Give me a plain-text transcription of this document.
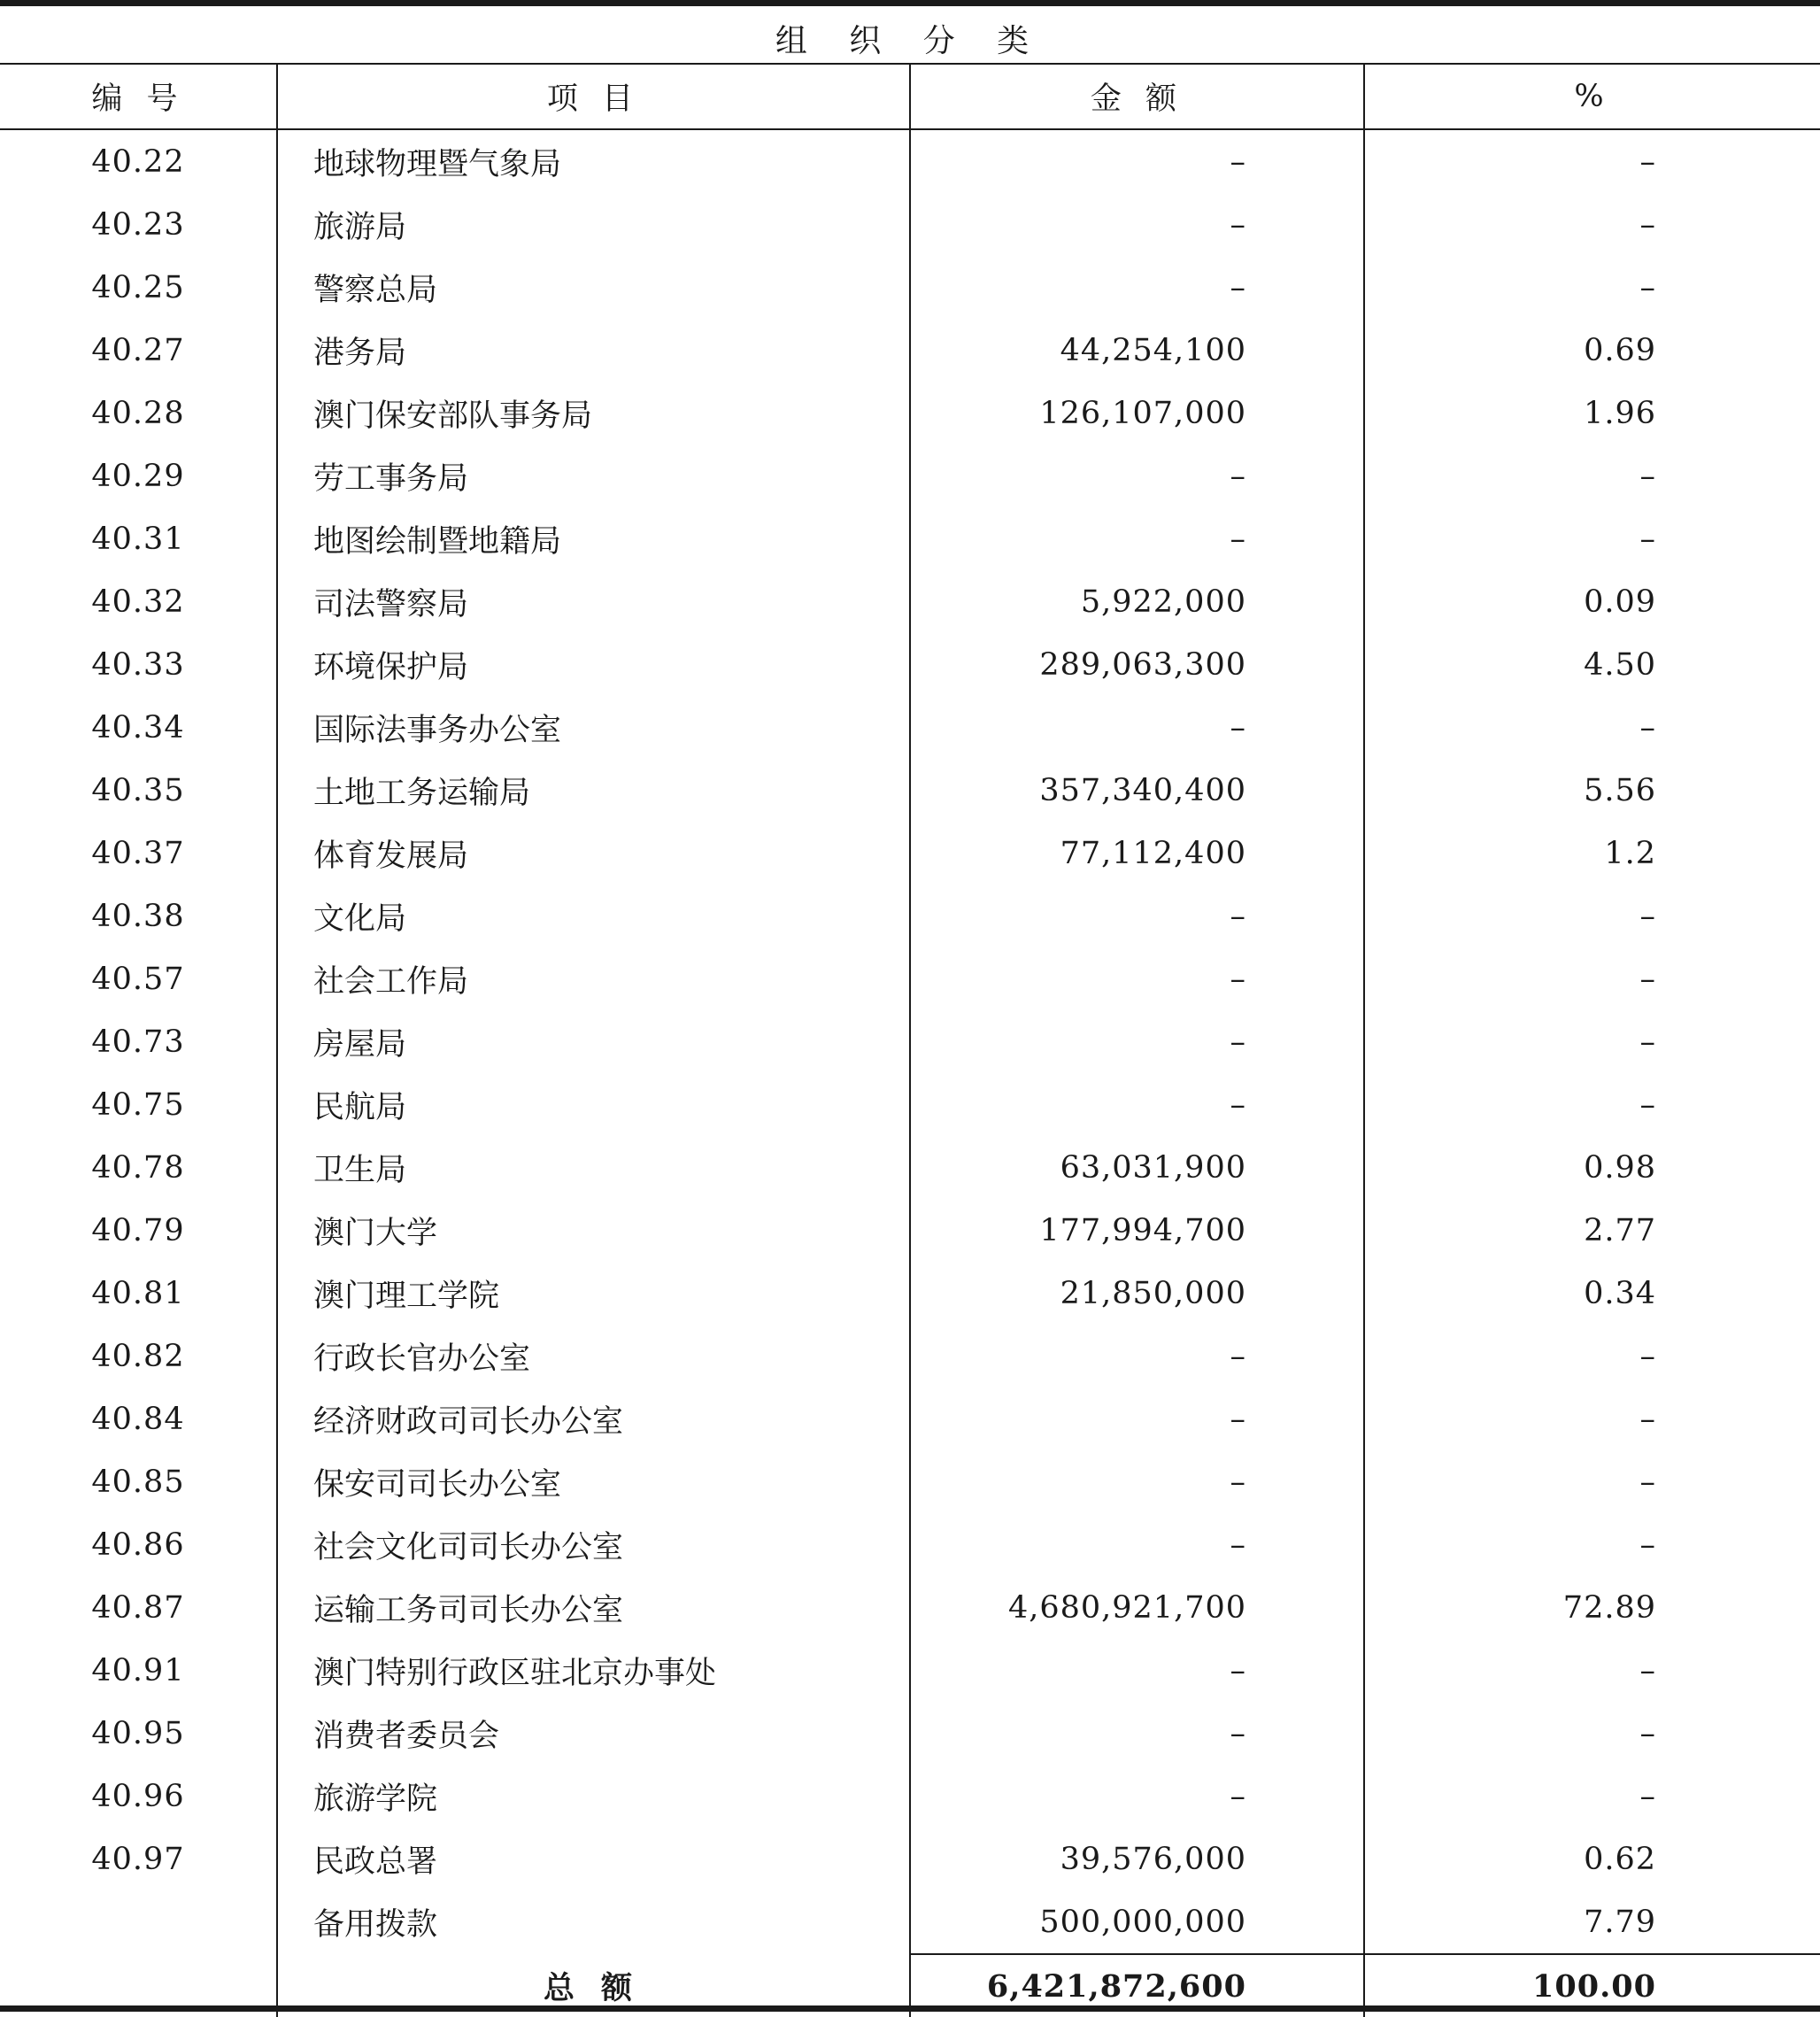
组 织 分 类
编 号	项 目	金 额	%
40.22	地球物理暨气象局	–	–
40.23	旅游局	–	–
40.25	警察总局	–	–
40.27	港务局	44,254,100	0.69
40.28	澳门保安部队事务局	126,107,000	1.96
40.29	劳工事务局	–	–
40.31	地图绘制暨地籍局	–	–
40.32	司法警察局	5,922,000	0.09
40.33	环境保护局	289,063,300	4.50
40.34	国际法事务办公室	–	–
40.35	土地工务运输局	357,340,400	5.56
40.37	体育发展局	77,112,400	1.2
40.38	文化局	–	–
40.57	社会工作局	–	–
40.73	房屋局	–	–
40.75	民航局	–	–
40.78	卫生局	63,031,900	0.98
40.79	澳门大学	177,994,700	2.77
40.81	澳门理工学院	21,850,000	0.34
40.82	行政长官办公室	–	–
40.84	经济财政司司长办公室	–	–
40.85	保安司司长办公室	–	–
40.86	社会文化司司长办公室	–	–
40.87	运输工务司司长办公室	4,680,921,700	72.89
40.91	澳门特别行政区驻北京办事处	–	–
40.95	消费者委员会	–	–
40.96	旅游学院	–	–
40.97	民政总署	39,576,000	0.62
	备用拨款	500,000,000	7.79
	总额	6,421,872,600	100.00
